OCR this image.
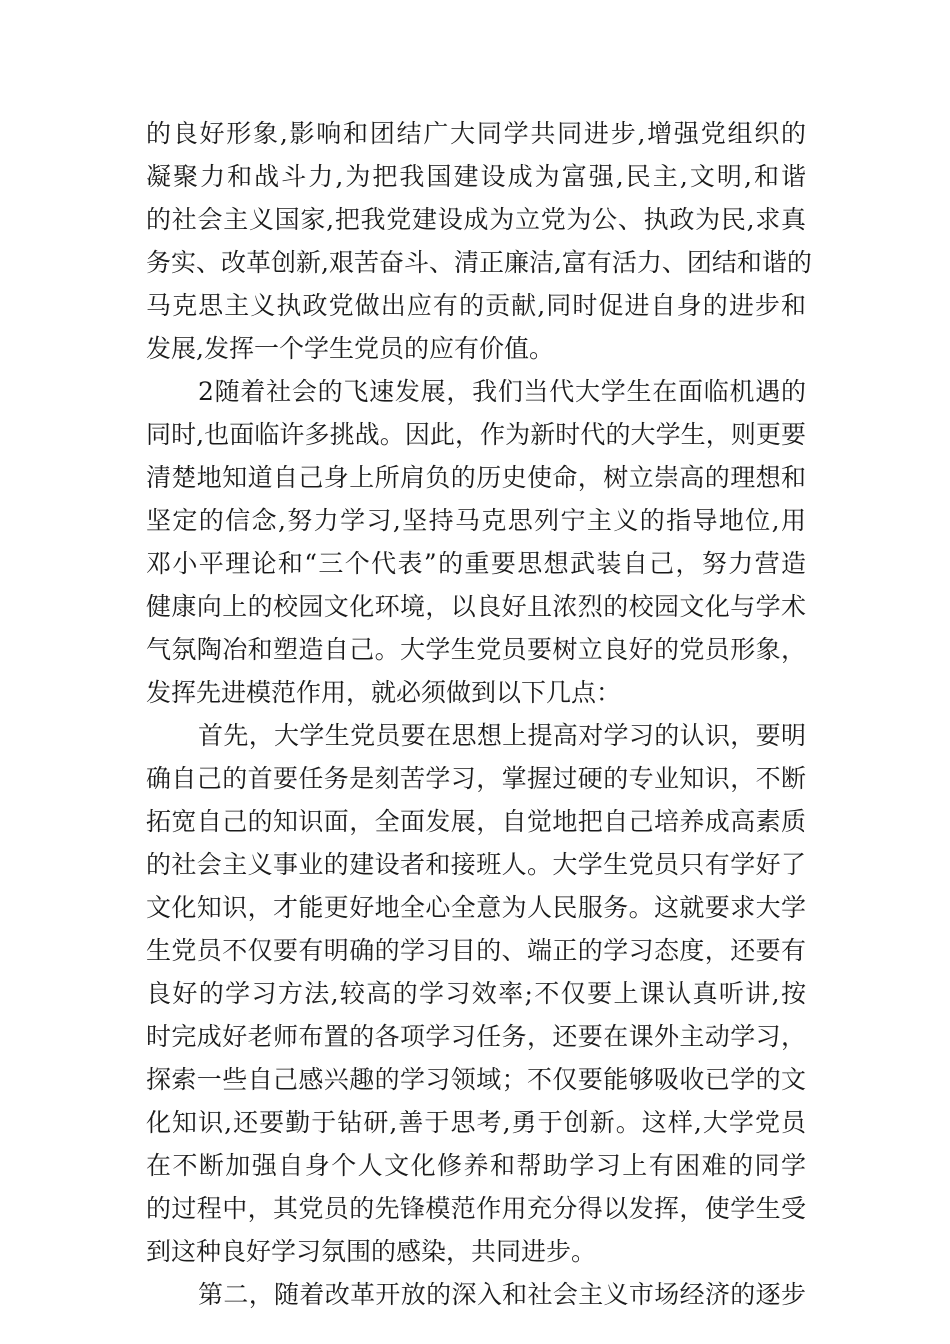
的良好形象,影响和团结广大同学共同进步,增强党组织的
凝聚力和战斗力,为把我国建设成为富强,民主,文明,和谐
的社会主义国家,把我党建设成为立党为公、执政为民,求真
务实、改革创新,艰苦奋斗、清正廉洁,富有活力、团结和谐的
马克思主义执政党做出应有的贡献,同时促进自身的进步和
发展,发挥一个学生党员的应有价值。
2随着社会的飞速发展，我们当代大学生在面临机遇的
同时,也面临许多挑战。因此，作为新时代的大学生，则更要
清楚地知道自己身上所肩负的历史使命，树立崇高的理想和
坚定的信念,努力学习,坚持马克思列宁主义的指导地位,用
邓小平理论和“三个代表”的重要思想武装自己，努力营造
健康向上的校园文化环境，以良好且浓烈的校园文化与学术
气氛陶冶和塑造自己。大学生党员要树立良好的党员形象，
发挥先进模范作用，就必须做到以下几点：
首先，大学生党员要在思想上提高对学习的认识，要明
确自己的首要任务是刻苦学习，掌握过硬的专业知识，不断
拓宽自己的知识面，全面发展，自觉地把自己培养成高素质
的社会主义事业的建设者和接班人。大学生党员只有学好了
文化知识，才能更好地全心全意为人民服务。这就要求大学
生党员不仅要有明确的学习目的、端正的学习态度，还要有
良好的学习方法,较高的学习效率;不仅要上课认真听讲,按
时完成好老师布置的各项学习任务，还要在课外主动学习，
探索一些自己感兴趣的学习领域；不仅要能够吸收已学的文
化知识,还要勤于钻研,善于思考,勇于创新。这样,大学党员
在不断加强自身个人文化修养和帮助学习上有困难的同学
的过程中，其党员的先锋模范作用充分得以发挥，使学生受
到这种良好学习氛围的感染，共同进步。
第二，随着改革开放的深入和社会主义市场经济的逐步
